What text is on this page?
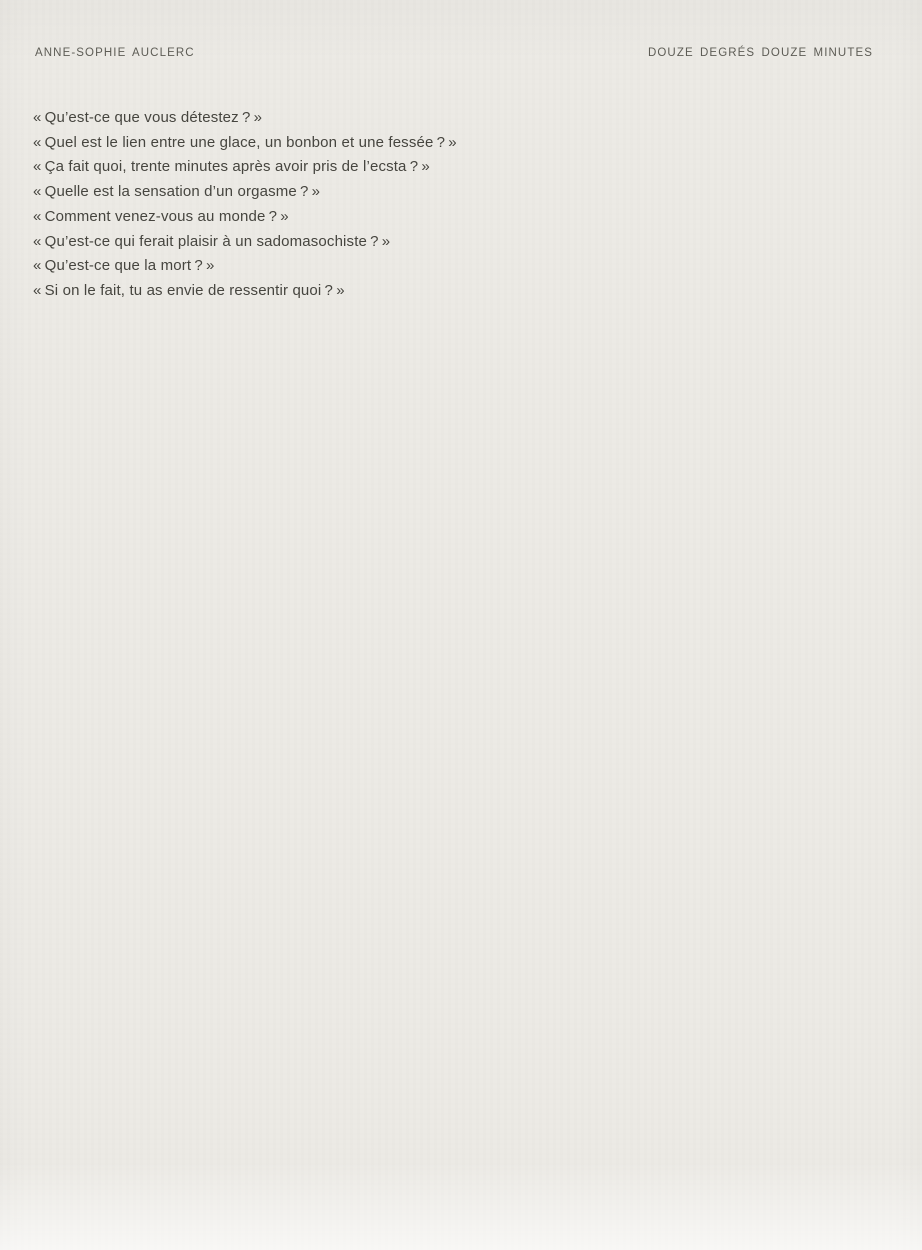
ANNE-SOPHIE AUCLERC	DOUZE DEGRÉS DOUZE MINUTES

« Qu’est-ce que vous détestez ? »

« Quel est le lien entre une glace, un bonbon et une fessée ? »

« Ça fait quoi, trente minutes après avoir pris de l’ecsta ? »

« Quelle est la sensation d’un orgasme ? »

« Comment venez-vous au monde ? »

« Qu’est-ce qui ferait plaisir à un sadomasochiste ? »

« Qu’est-ce que la mort ? »

« Si on le fait, tu as envie de ressentir quoi ? »
